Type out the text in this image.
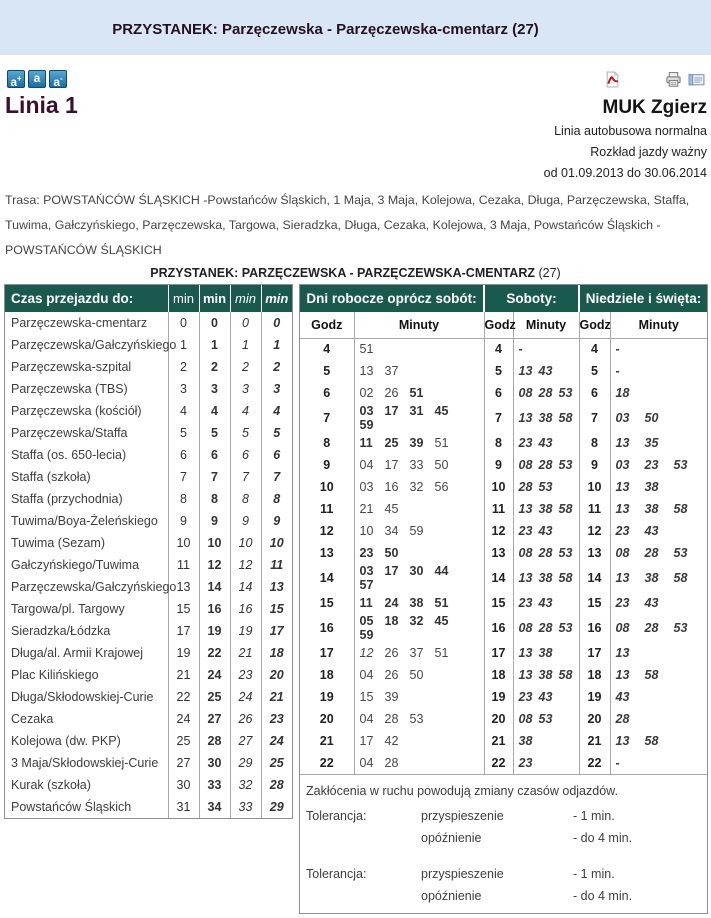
PRZYSTANEK: Parzęczewska - Parzęczewska-cmentarz (27)
a+ a	a-
Linia 1	MUK Zgierz
Linia autobusowa normalna
Rozkład jazdy ważny
od 01.09.2013 do 30.06.2014
Trasa: POWSTAŃCÓW ŚLĄSKICH -Powstańców Śląskich, 1 Maja, 3 Maja, Kolejowa, Cezaka, Długa, Parzęczewska, Staffa, Tuwima, Gałczyńskiego, Parzęczewska, Targowa, Sieradzka, Długa, Cezaka, Kolejowa, 3 Maja, Powstańców Śląskich - POWSTAŃCÓW ŚLĄSKICH
PRZYSTANEK: PARZĘCZEWSKA - PARZĘCZEWSKA-CMENTARZ (27)
Czas przejazdu do:	min	min	min	min
Parzęczewska-cmentarz	0	0	0	0
Parzęczewska/Gałczyńskiego	1	1	1	1
Parzęczewska-szpital	2	2	2	2
Parzęczewska (TBS)	3	3	3	3
Parzęczewska (kościół)	4	4	4	4
Parzęczewska/Staffa	5	5	5	5
Staffa (os. 650-lecia)	6	6	6	6
Staffa (szkoła)	7	7	7	7
Staffa (przychodnia)	8	8	8	8
Tuwima/Boya-Żeleńskiego	9	9	9	9
Tuwima (Sezam)	10	10	10	10
Gałczyńskiego/Tuwima	11	12	12	11
Parzęczewska/Gałczyńskiego	13	14	14	13
Targowa/pl. Targowy	15	16	16	15
Sieradzka/Łódzka	17	19	19	17
Długa/al. Armii Krajowej	19	22	21	18
Plac Kilińskiego	21	24	23	20
Długa/Skłodowskiej-Curie	22	25	24	21
Cezaka	24	27	26	23
Kolejowa (dw. PKP)	25	28	27	24
3 Maja/Skłodowskiej-Curie	27	30	29	25
Kurak (szkoła)	30	33	32	28
Powstańców Śląskich	31	34	33	29
Dni robocze oprócz sobót:		Soboty:		Niedziele i święta:	
Godz	Minuty	Godz	Minuty	Godz	Minuty
4	51	4	-	4	-
5	13 37	5	13 43	5	-
6	02 26 51	6	08 28 53	6	18
7	03 17 31 4559	7	13 38 58	7	03 50
8	11 25 39 51	8	23 43	8	13 35
9	04 17 33 50	9	08 28 53	9	03 23 53
10	03 16 32 56	10	28 53	10	13 38
11	21 45	11	13 38 58	11	13 38 58
12	10 34 59	12	23 43	12	23 43
13	23 50	13	08 28 53	13	08 28 53
14	03 17 30 4457	14	13 38 58	14	13 38 58
15	11 24 38 51	15	23 43	15	23 43
16	05 18 32 4559	16	08 28 53	16	08 28 53
17	12 26 37 51	17	13 38	17	13
18	04 26 50	18	13 38 58	18	13 58
19	15 39	19	23 43	19	43
20	04 28 53	20	08 53	20	28
21	17 42	21	38	21	13 58
22	04 28	22	23	22	-
Zakłócenia w ruchu powodują zmiany czasów odjazdów.
Tolerancja:	przyspieszenie	- 1 min.
opóźnienie	- do 4 min.
Tolerancja:	przyspieszenie	- 1 min.
opóźnienie	- do 4 min.
